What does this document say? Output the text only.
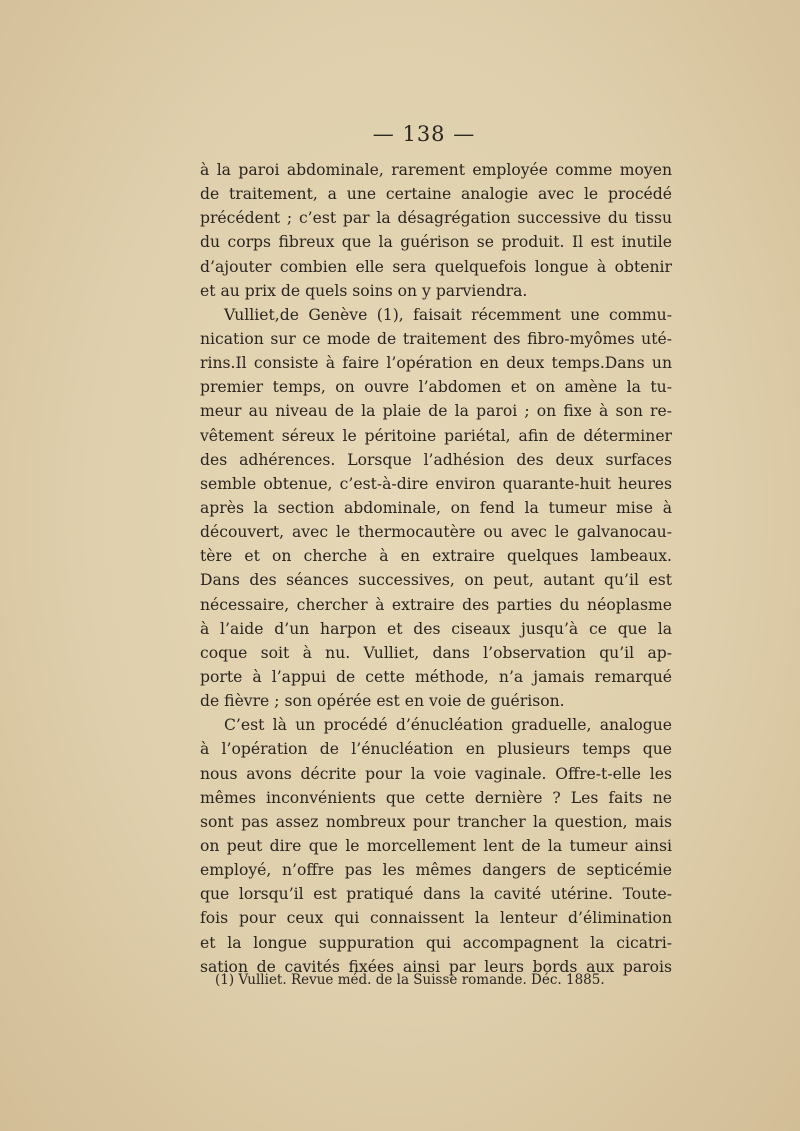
— 138 —
à la paroi abdominale, rarement employée comme moyen
de traitement, a une certaine analogie avec le procédé
précédent ; c’est par la désagrégation successive du tissu
du corps fibreux que la guérison se produit. Il est inutile
d’ajouter combien elle sera quelquefois longue à obtenir
et au prix de quels soins on y parviendra.
Vulliet,de Genève (1), faisait récemment une commu-
nication sur ce mode de traitement des fibro-myômes uté-
rins.Il consiste à faire l’opération en deux temps.Dans un
premier temps, on ouvre l’abdomen et on amène la tu-
meur au niveau de la plaie de la paroi ; on fixe à son re-
vêtement séreux le péritoine pariétal, afin de déterminer
des adhérences. Lorsque l’adhésion des deux surfaces
semble obtenue, c’est-à-dire environ quarante-huit heures
après la section abdominale, on fend la tumeur mise à
découvert, avec le thermocautère ou avec le galvanocau-
tère et on cherche à en extraire quelques lambeaux.
Dans des séances successives, on peut, autant qu’il est
nécessaire, chercher à extraire des parties du néoplasme
à l’aide d’un harpon et des ciseaux jusqu’à ce que la
coque soit à nu. Vulliet, dans l’observation qu’il ap-
porte à l’appui de cette méthode, n’a jamais remarqué
de fièvre ; son opérée est en voie de guérison.
C’est là un procédé d’énucléation graduelle, analogue
à l’opération de l’énucléation en plusieurs temps que
nous avons décrite pour la voie vaginale. Offre-t-elle les
mêmes inconvénients que cette dernière ? Les faits ne
sont pas assez nombreux pour trancher la question, mais
on peut dire que le morcellement lent de la tumeur ainsi
employé, n’offre pas les mêmes dangers de septicémie
que lorsqu’il est pratiqué dans la cavité utérine. Toute-
fois pour ceux qui connaissent la lenteur d’élimination
et la longue suppuration qui accompagnent la cicatri-
sation de cavités fixées ainsi par leurs bords aux parois
(1) Vulliet. Revue méd. de la Suisse romande. Déc. 1885.
